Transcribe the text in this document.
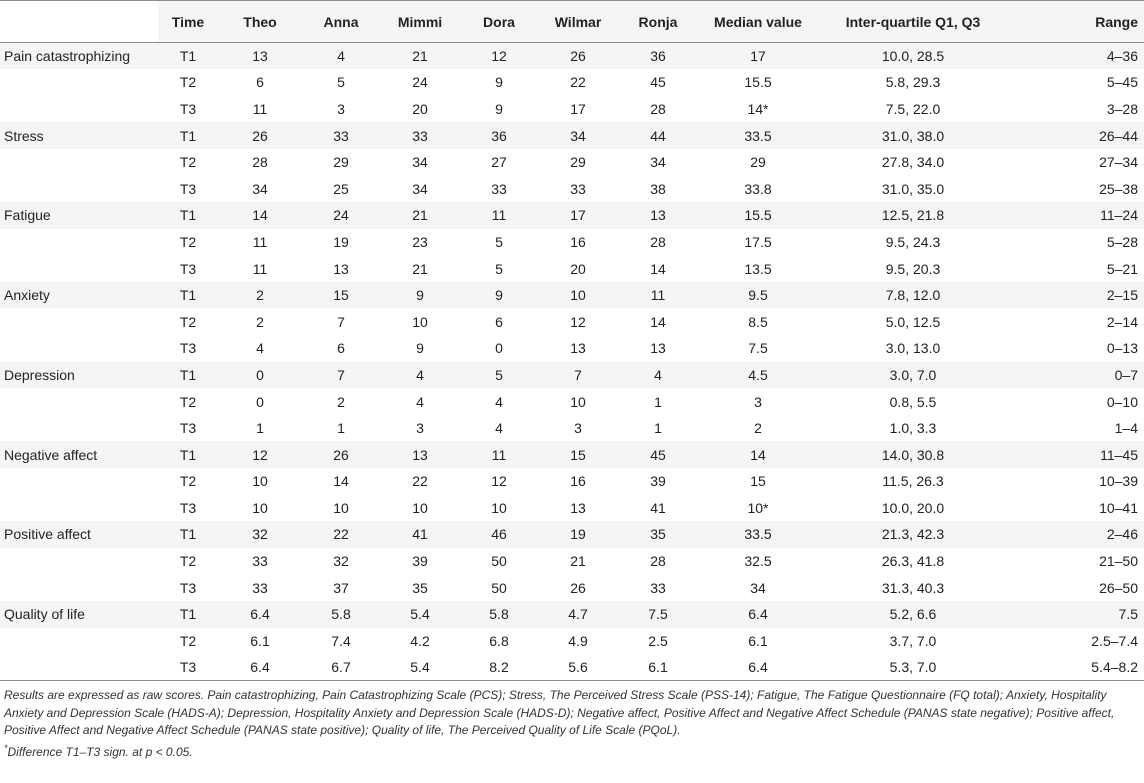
	Time	Theo	Anna	Mimmi	Dora	Wilmar	Ronja	Median value	Inter-quartile Q1, Q3	Range
Pain catastrophizing	T1	13	4	21	12	26	36	17	10.0, 28.5	4–36
	T2	6	5	24	9	22	45	15.5	5.8, 29.3	5–45
	T3	11	3	20	9	17	28	14*	7.5, 22.0	3–28
Stress	T1	26	33	33	36	34	44	33.5	31.0, 38.0	26–44
	T2	28	29	34	27	29	34	29	27.8, 34.0	27–34
	T3	34	25	34	33	33	38	33.8	31.0, 35.0	25–38
Fatigue	T1	14	24	21	11	17	13	15.5	12.5, 21.8	11–24
	T2	11	19	23	5	16	28	17.5	9.5, 24.3	5–28
	T3	11	13	21	5	20	14	13.5	9.5, 20.3	5–21
Anxiety	T1	2	15	9	9	10	11	9.5	7.8, 12.0	2–15
	T2	2	7	10	6	12	14	8.5	5.0, 12.5	2–14
	T3	4	6	9	0	13	13	7.5	3.0, 13.0	0–13
Depression	T1	0	7	4	5	7	4	4.5	3.0, 7.0	0–7
	T2	0	2	4	4	10	1	3	0.8, 5.5	0–10
	T3	1	1	3	4	3	1	2	1.0, 3.3	1–4
Negative affect	T1	12	26	13	11	15	45	14	14.0, 30.8	11–45
	T2	10	14	22	12	16	39	15	11.5, 26.3	10–39
	T3	10	10	10	10	13	41	10*	10.0, 20.0	10–41
Positive affect	T1	32	22	41	46	19	35	33.5	21.3, 42.3	2–46
	T2	33	32	39	50	21	28	32.5	26.3, 41.8	21–50
	T3	33	37	35	50	26	33	34	31.3, 40.3	26–50
Quality of life	T1	6.4	5.8	5.4	5.8	4.7	7.5	6.4	5.2, 6.6	7.5
	T2	6.1	7.4	4.2	6.8	4.9	2.5	6.1	3.7, 7.0	2.5–7.4
	T3	6.4	6.7	5.4	8.2	5.6	6.1	6.4	5.3, 7.0	5.4–8.2

Results are expressed as raw scores. Pain catastrophizing, Pain Catastrophizing Scale (PCS); Stress, The Perceived Stress Scale (PSS-14); Fatigue, The Fatigue Questionnaire (FQ total); Anxiety, Hospitality Anxiety and Depression Scale (HADS-A); Depression, Hospitality Anxiety and Depression Scale (HADS-D); Negative affect, Positive Affect and Negative Affect Schedule (PANAS state negative); Positive affect, Positive Affect and Negative Affect Schedule (PANAS state positive); Quality of life, The Perceived Quality of Life Scale (PQoL).

*Difference T1–T3 sign. at p < 0.05.
